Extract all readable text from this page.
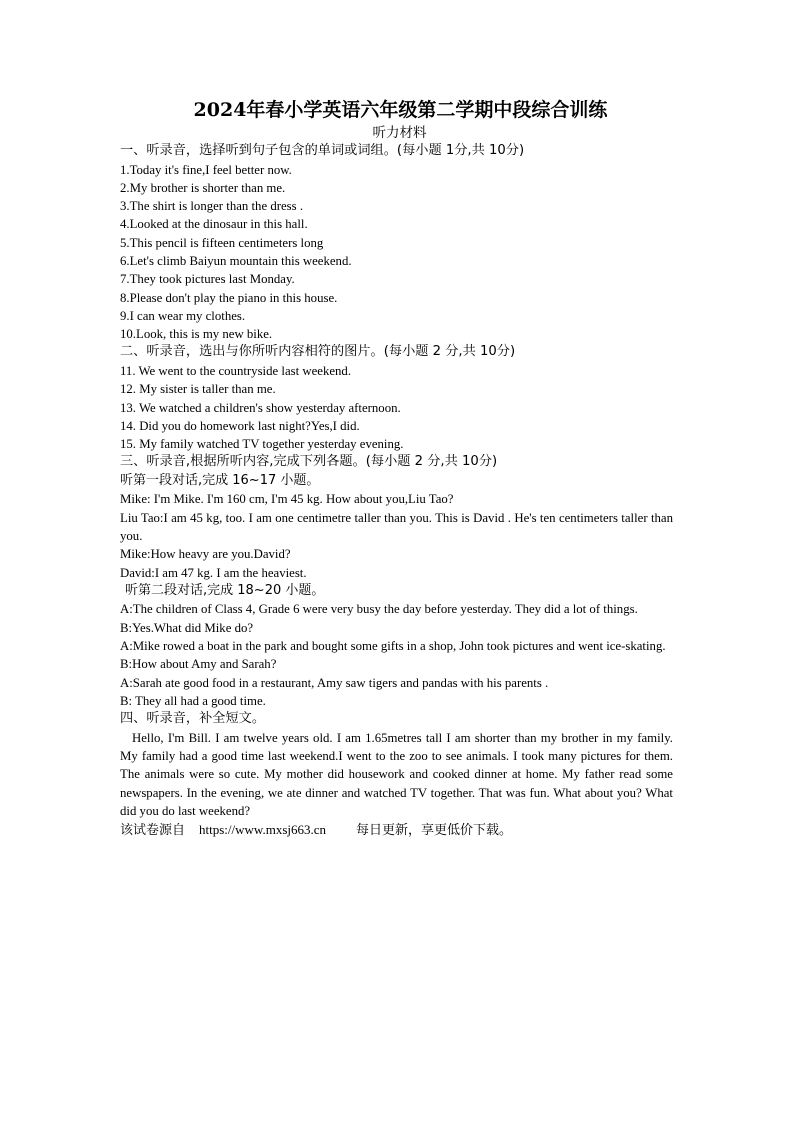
2024年春小学英语六年级第二学期中段综合训练

听力材料

一、听录音，选择听到句子包含的单词或词组。(每小题 1分,共 10分)

1.Today it's fine,I feel better now.

2.My brother is shorter than me.

3.The shirt is longer than the dress .

4.Looked at the dinosaur in this hall.

5.This pencil is fifteen centimeters long

6.Let's climb Baiyun mountain this weekend.

7.They took pictures last Monday.

8.Please don't play the piano in this house.

9.I can wear my clothes.

10.Look, this is my new bike.

二、听录音，选出与你所听内容相符的图片。(每小题 2 分,共 10分)

11. We went to the countryside last weekend.

12. My sister is taller than me.

13. We watched a children's show yesterday afternoon.

14. Did you do homework last night?Yes,I did.

15. My family watched TV together yesterday evening.

三、听录音,根据所听内容,完成下列各题。(每小题 2 分,共 10分)

听第一段对话,完成 16~17 小题。

Mike: I'm Mike. I'm 160 cm, I'm 45 kg. How about you,Liu Tao?

Liu Tao:I am 45 kg, too. I am one centimetre taller than you. This is David . He's ten centimeters taller than you.

Mike:How heavy are you.David?

David:I am 47 kg. I am the heaviest.

听第二段对话,完成 18~20 小题。

A:The children of Class 4, Grade 6 were very busy the day before yesterday. They did a lot of things.

B:Yes.What did Mike do?

A:Mike rowed a boat in the park and bought some gifts in a shop, John took pictures and went ice-skating.

B:How about Amy and Sarah?

A:Sarah ate good food in a restaurant, Amy saw tigers and pandas with his parents .

B: They all had a good time.

四、听录音，补全短文。

Hello, I'm Bill. I am twelve years old. I am 1.65metres tall I am shorter than my brother in my family. My family had a good time last weekend.I went to the zoo to see animals. I took many pictures for them. The animals were so cute. My mother did housework and cooked dinner at home. My father read some newspapers. In the evening, we ate dinner and watched TV together. That was fun. What about you? What did you do last weekend?

该试卷源自 https://www.mxsj663.cn 每日更新，享更低价下载。
